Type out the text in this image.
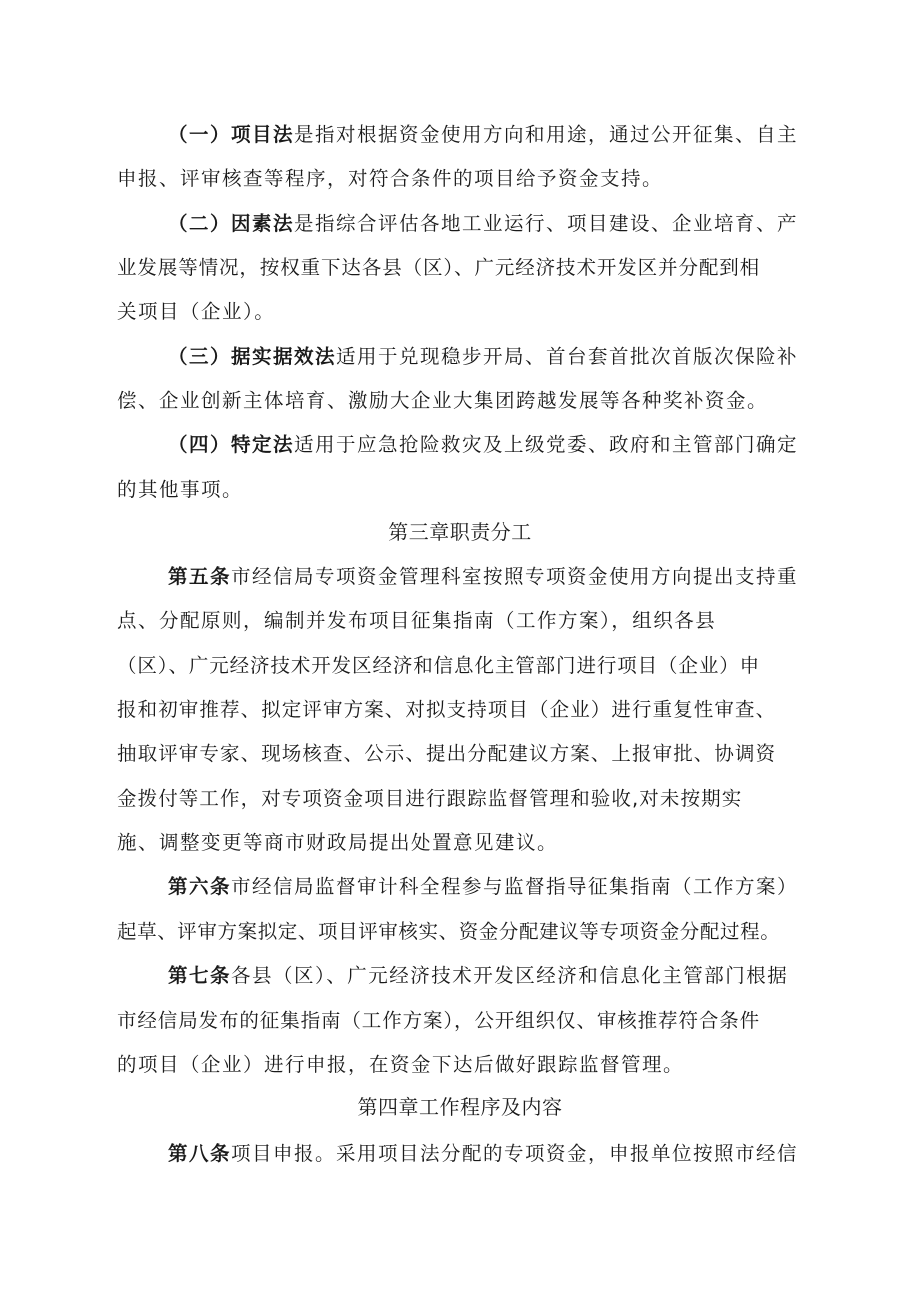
（一）项目法是指对根据资金使用方向和用途，通过公开征集、自主
申报、评审核查等程序，对符合条件的项目给予资金支持。
（二）因素法是指综合评估各地工业运行、项目建设、企业培育、产
业发展等情况，按权重下达各县（区）、广元经济技术开发区并分配到相
关项目（企业）。
（三）据实据效法适用于兑现稳步开局、首台套首批次首版次保险补
偿、企业创新主体培育、激励大企业大集团跨越发展等各种奖补资金。
（四）特定法适用于应急抢险救灾及上级党委、政府和主管部门确定
的其他事项。
第三章职责分工
第五条市经信局专项资金管理科室按照专项资金使用方向提出支持重
点、分配原则，编制并发布项目征集指南（工作方案），组织各县
（区）、广元经济技术开发区经济和信息化主管部门进行项目（企业）申
报和初审推荐、拟定评审方案、对拟支持项目（企业）进行重复性审查、
抽取评审专家、现场核查、公示、提出分配建议方案、上报审批、协调资
金拨付等工作，对专项资金项目进行跟踪监督管理和验收,对未按期实
施、调整变更等商市财政局提出处置意见建议。
第六条市经信局监督审计科全程参与监督指导征集指南（工作方案）
起草、评审方案拟定、项目评审核实、资金分配建议等专项资金分配过程。
第七条各县（区）、广元经济技术开发区经济和信息化主管部门根据
市经信局发布的征集指南（工作方案），公开组织仅、审核推荐符合条件
的项目（企业）进行申报，在资金下达后做好跟踪监督管理。
第四章工作程序及内容
第八条项目申报。采用项目法分配的专项资金，申报单位按照市经信
